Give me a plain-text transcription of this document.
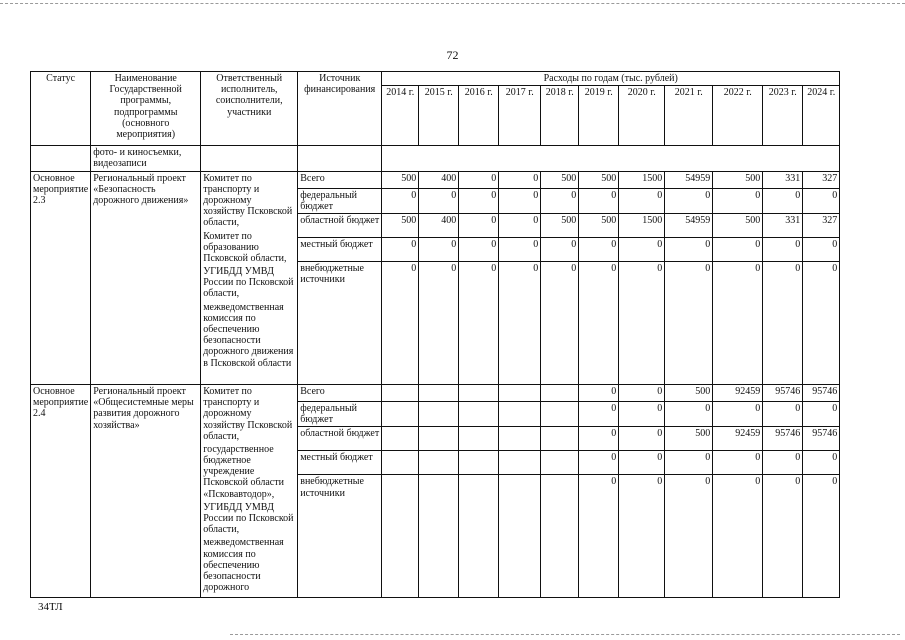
72
Статус	Наименование Государственной программы, подпрограммы (основного мероприятия)	Ответственный исполнитель, соисполнители, участники	Источник финансирования	Расходы по годам (тыс. рублей)										
				2014 г.	2015 г.	2016 г.	2017 г.	2018 г.	2019 г.	2020 г.	2021 г.	2022 г.	2023 г.	2024 г.
	фото- и киносъемки, видеозаписи													
Основное мероприятие 2.3	Региональный проект «Безопасность дорожного движения»	Комитет по транспорту и дорожному хозяйству Псковской области,
Комитет по образованию Псковской области,
УГИБДД УМВД России по Псковской области,
межведомственная комиссия по обеспечению безопасности дорожного движения в Псковской области	Всего	500	400	0	0	500	500	1500	54959	500	331	327
			федеральный бюджет	0	0	0	0	0	0	0	0	0	0	0
			областной бюджет	500	400	0	0	500	500	1500	54959	500	331	327
			местный бюджет	0	0	0	0	0	0	0	0	0	0	0
			внебюджетные источники	0	0	0	0	0	0	0	0	0	0	0
Основное мероприятие 2.4	Региональный проект «Общесистемные меры развития дорожного хозяйства»	Комитет по транспорту и дорожному хозяйству Псковской области,
государственное бюджетное учреждение Псковской области «Псковавтодор»,
УГИБДД УМВД России по Псковской области,
межведомственная комиссия по обеспечению безопасности дорожного	Всего						0	0	500	92459	95746	95746
			федеральный бюджет						0	0	0	0	0	0
			областной бюджет						0	0	500	92459	95746	95746
			местный бюджет						0	0	0	0	0	0
			внебюджетные источники						0	0	0	0	0	0
34ТЛ
